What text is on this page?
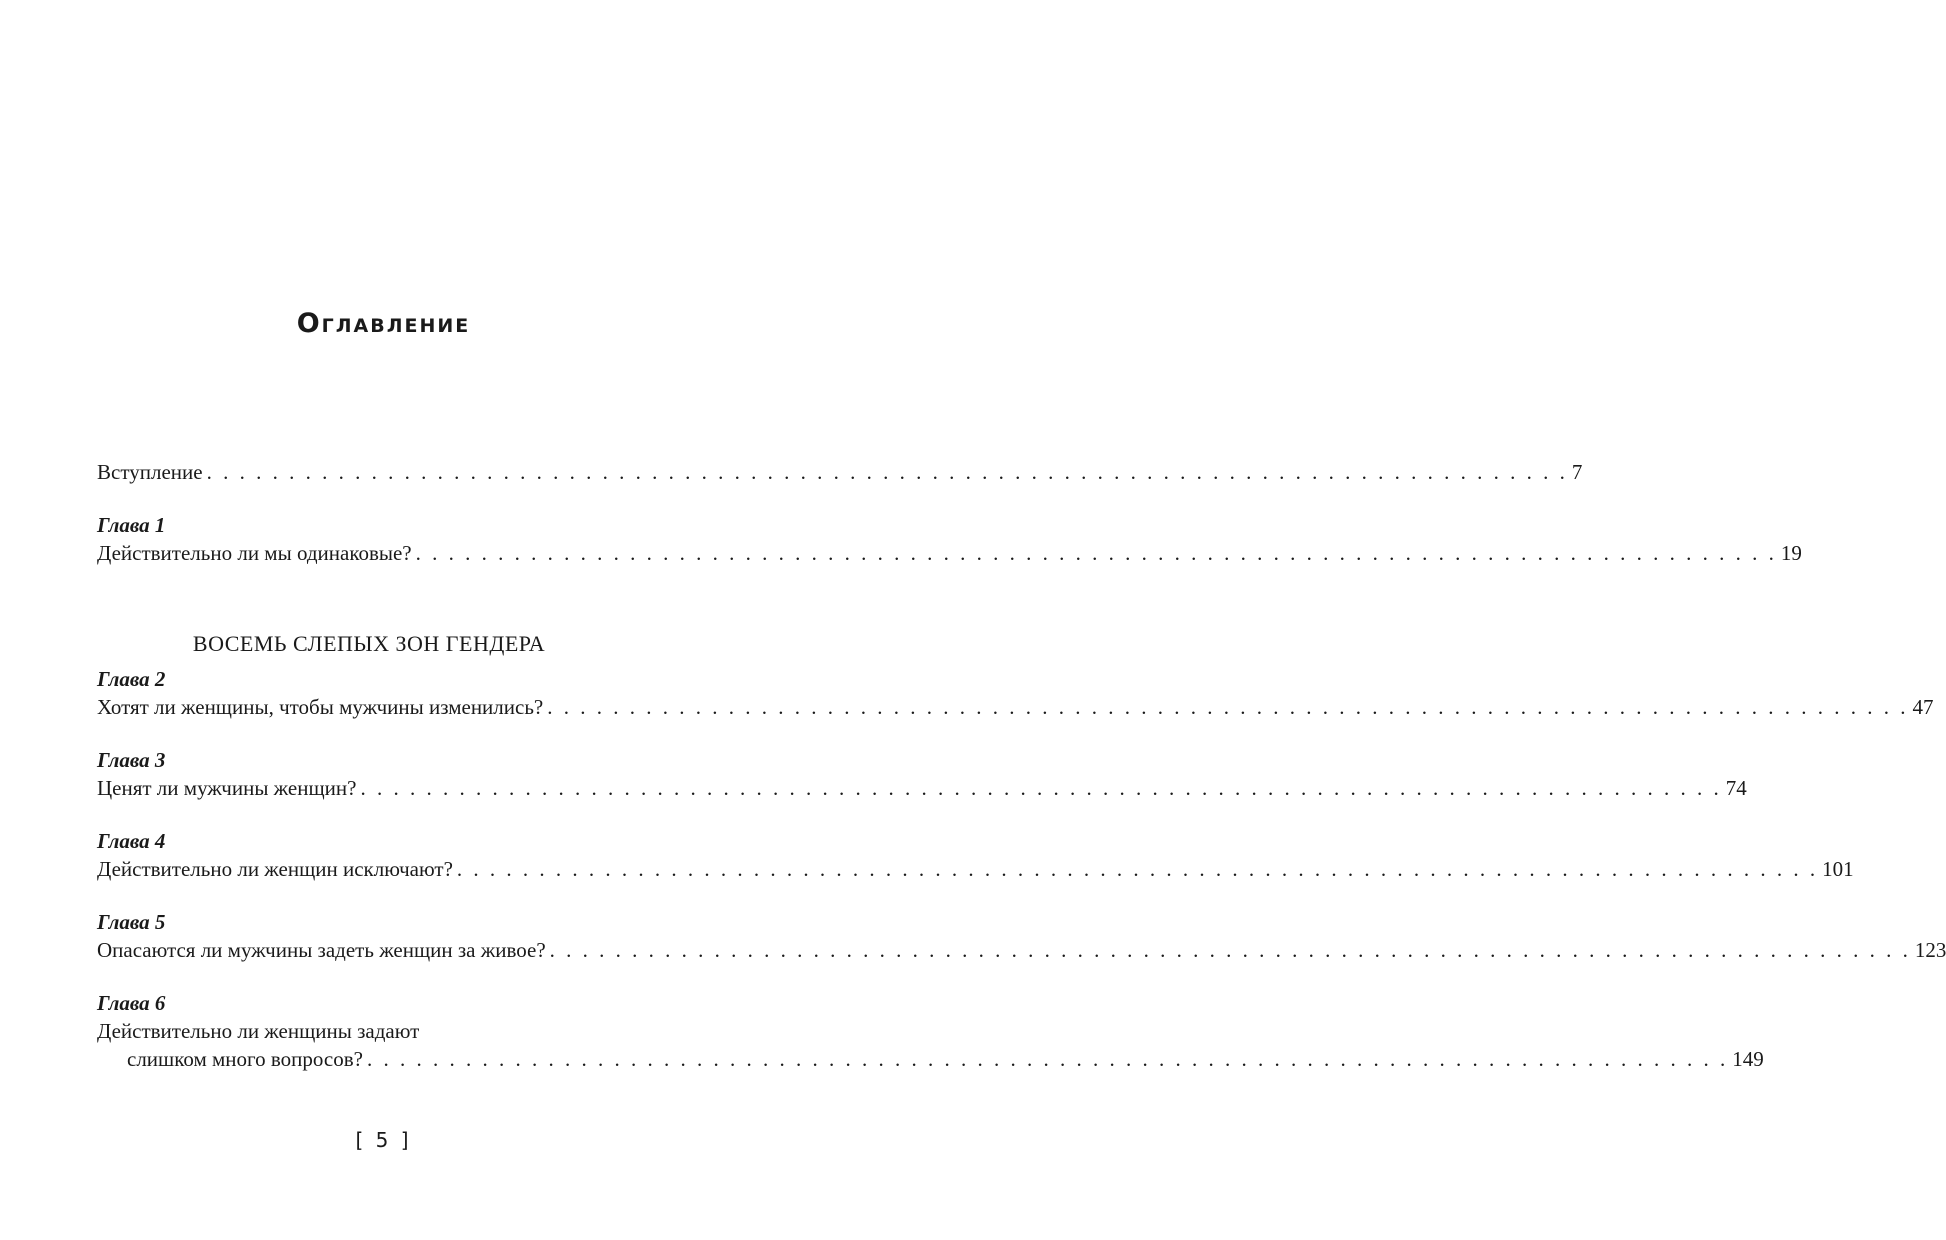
Оглавление
Вступление . . . . . . . . . . . . . . . . . . . . . . . . . . . . . . . . . . . . . . . . . . . . . . . . . . . . . . . . . . . . . . . . . . . . . . . . . . . . . . . . . . . 7
Глава 1
Действительно ли мы одинаковые? . . . . . . . . . . . . . . . . . . . . . . . . . . . . . . . . . . . . . . . . . . . . . . . . . . . . . . . . . . . . . . . . . . . . . . . . . . . . . . . . . . . 19
ВОСЕМЬ СЛЕПЫХ ЗОН ГЕНДЕРА
Глава 2
Хотят ли женщины, чтобы мужчины изменились? . . . . . . . . . . . . . . . . . . . . . . . . . . . . . . . . . . . . . . . . . . . . . . . . . . . . . . . . . . . . . . . . . . . . . . . . . . . . . . . . . . . 47
Глава 3
Ценят ли мужчины женщин? . . . . . . . . . . . . . . . . . . . . . . . . . . . . . . . . . . . . . . . . . . . . . . . . . . . . . . . . . . . . . . . . . . . . . . . . . . . . . . . . . . . 74
Глава 4
Действительно ли женщин исключают? . . . . . . . . . . . . . . . . . . . . . . . . . . . . . . . . . . . . . . . . . . . . . . . . . . . . . . . . . . . . . . . . . . . . . . . . . . . . . . . . . . . 101
Глава 5
Опасаются ли мужчины задеть женщин за живое? . . . . . . . . . . . . . . . . . . . . . . . . . . . . . . . . . . . . . . . . . . . . . . . . . . . . . . . . . . . . . . . . . . . . . . . . . . . . . . . . . . . 123
Глава 6
Действительно ли женщины задают
слишком много вопросов? . . . . . . . . . . . . . . . . . . . . . . . . . . . . . . . . . . . . . . . . . . . . . . . . . . . . . . . . . . . . . . . . . . . . . . . . . . . . . . . . . . . 149
[ 5 ]
